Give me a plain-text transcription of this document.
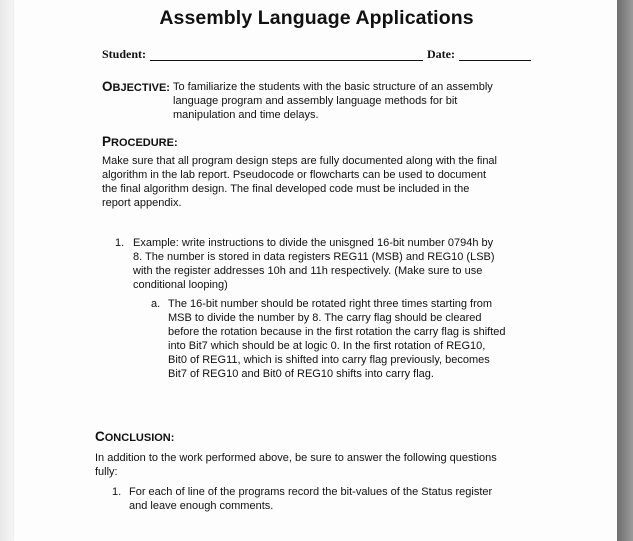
Assembly Language Applications
Student:	Date:
OBJECTIVE: To familiarize the students with the basic structure of an assembly
language program and assembly language methods for bit
manipulation and time delays.
PROCEDURE:
Make sure that all program design steps are fully documented along with the final
algorithm in the lab report. Pseudocode or flowcharts can be used to document
the final algorithm design. The final developed code must be included in the
report appendix.
1. Example: write instructions to divide the unisgned 16-bit number 0794h by
8. The number is stored in data registers REG11 (MSB) and REG10 (LSB)
with the register addresses 10h and 11h respectively. (Make sure to use
conditional looping)
a. The 16-bit number should be rotated right three times starting from
MSB to divide the number by 8. The carry flag should be cleared
before the rotation because in the first rotation the carry flag is shifted
into Bit7 which should be at logic 0. In the first rotation of REG10,
Bit0 of REG11, which is shifted into carry flag previously, becomes
Bit7 of REG10 and Bit0 of REG10 shifts into carry flag.
CONCLUSION:
In addition to the work performed above, be sure to answer the following questions
fully:
1. For each of line of the programs record the bit-values of the Status register
and leave enough comments.
